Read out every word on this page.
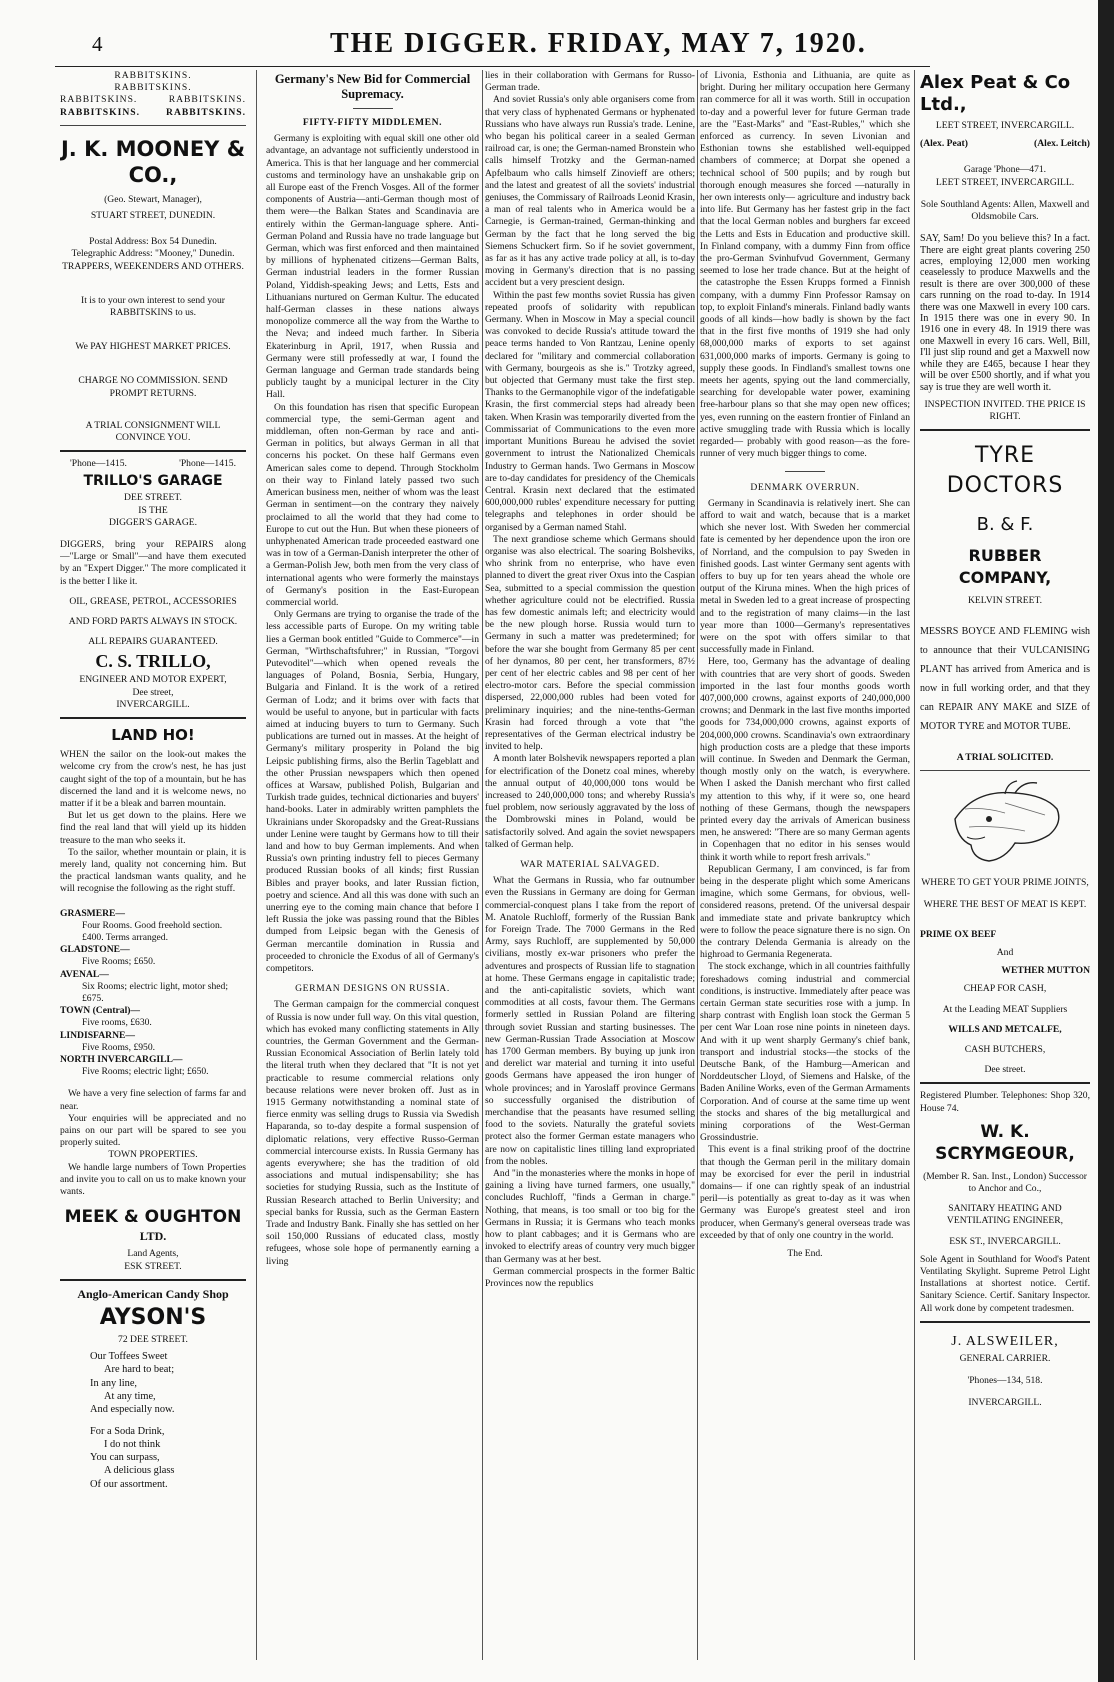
4	THE DIGGER. FRIDAY, MAY 7, 1920.

RABBITSKINS.

RABBITSKINS.

RABBITSKINS.	RABBITSKINS.
RABBITSKINS.	RABBITSKINS.

J. K. MOONEY & CO.,

(Geo. Stewart, Manager),

STUART STREET, DUNEDIN.

Postal Address: Box 54 Dunedin.

Telegraphic Address: "Mooney," Dunedin.

TRAPPERS, WEEKENDERS AND OTHERS.

It is to your own interest to send your RABBITSKINS to us.

We PAY HIGHEST MARKET PRICES.

CHARGE NO COMMISSION. SEND PROMPT RETURNS.

A TRIAL CONSIGNMENT WILL CONVINCE YOU.

'Phone—1415.	'Phone—1415.

TRILLO'S GARAGE

DEE STREET.

IS THE

DIGGER'S GARAGE.

DIGGERS, bring your REPAIRS along —"Large or Small"—and have them executed by an "Expert Digger." The more complicated it is the better I like it.

OIL, GREASE, PETROL, ACCESSORIES

AND FORD PARTS ALWAYS IN STOCK.

ALL REPAIRS GUARANTEED.

C. S. TRILLO,

ENGINEER AND MOTOR EXPERT,

Dee street,

INVERCARGILL.

LAND HO!

WHEN the sailor on the look-out makes the welcome cry from the crow's nest, he has just caught sight of the top of a mountain, but he has discerned the land and it is welcome news, no matter if it be a bleak and barren mountain.

But let us get down to the plains. Here we find the real land that will yield up its hidden treasure to the man who seeks it.

To the sailor, whether mountain or plain, it is merely land, quality not concerning him. But the practical landsman wants quality, and he will recognise the following as the right stuff.

GRASMERE—

Four Rooms. Good freehold section. £400. Terms arranged.

GLADSTONE—

Five Rooms; £650.

AVENAL—

Six Rooms; electric light, motor shed; £675.

TOWN (Central)—

Five rooms, £630.

LINDISFARNE—

Five Rooms, £950.

NORTH INVERCARGILL—

Five Rooms; electric light; £650.

We have a very fine selection of farms far and near.

Your enquiries will be appreciated and no pains on our part will be spared to see you properly suited.

TOWN PROPERTIES.

We handle large numbers of Town Properties and invite you to call on us to make known your wants.

MEEK & OUGHTON

LTD.

Land Agents,

ESK STREET.

Anglo-American Candy Shop

AYSON'S

72 DEE STREET.

Our Toffees Sweet
Are hard to beat;
In any line,
At any time,
And especially now.
For a Soda Drink,
I do not think
You can surpass,
A delicious glass
Of our assortment.

Germany's New Bid for Commercial Supremacy.

FIFTY-FIFTY MIDDLEMEN.

Germany is exploiting with equal skill one other old advantage, an advantage not sufficiently understood in America. This is that her language and her commercial customs and terminology have an unshakable grip on all Europe east of the French Vosges. All of the former components of Austria—anti-German though most of them were—the Balkan States and Scandinavia are entirely within the German-language sphere. Anti-German Poland and Russia have no trade language but German, which was first enforced and then maintained by millions of hyphenated citizens—German Balts, German industrial leaders in the former Russian Poland, Yiddish-speaking Jews; and Letts, Ests and Lithuanians nurtured on German Kultur. The educated half-German classes in these nations always monopolize commerce all the way from the Warthe to the Neva; and indeed much farther. In Siberia Ekaterinburg in April, 1917, when Russia and Germany were still professedly at war, I found the German language and German trade standards being publicly taught by a municipal lecturer in the City Hall.

On this foundation has risen that specific European commercial type, the semi-German agent and middleman, often non-German by race and anti-German in politics, but always German in all that concerns his pocket. On these half Germans even American sales come to depend. Through Stockholm on their way to Finland lately passed two such American business men, neither of whom was the least German in sentiment—on the contrary they naively proclaimed to all the world that they had come to Europe to cut out the Hun. But when these pioneers of unhyphenated American trade proceeded eastward one was in tow of a German-Danish interpreter the other of a German-Polish Jew, both men from the very class of international agents who were formerly the mainstays of Germany's position in the East-European commercial world.

Only Germans are trying to organise the trade of the less accessible parts of Europe. On my writing table lies a German book entitled "Guide to Commerce"—in German, "Wirthschaftsfuhrer;" in Russian, "Torgovi Putevoditel"—which when opened reveals the languages of Poland, Bosnia, Serbia, Hungary, Bulgaria and Finland. It is the work of a retired German of Lodz; and it brims over with facts that would be useful to anyone, but in particular with facts aimed at inducing buyers to turn to Germany. Such publications are turned out in masses. At the height of Germany's military prosperity in Poland the big Leipsic publishing firms, also the Berlin Tageblatt and the other Prussian newspapers which then opened offices at Warsaw, published Polish, Bulgarian and Turkish trade guides, technical dictionaries and buyers' hand-books. Later in admirably written pamphlets the Ukrainians under Skoropadsky and the Great-Russians under Lenine were taught by Germans how to till their land and how to buy German implements. And when Russia's own printing industry fell to pieces Germany produced Russian books of all kinds; first Russian Bibles and prayer books, and later Russian fiction, poetry and science. And all this was done with such an unerring eye to the coming main chance that before I left Russia the joke was passing round that the Bibles dumped from Leipsic began with the Genesis of German mercantile domination in Russia and proceeded to chronicle the Exodus of all of Germany's competitors.

GERMAN DESIGNS ON RUSSIA.

The German campaign for the commercial conquest of Russia is now under full way. On this vital question, which has evoked many conflicting statements in Ally countries, the German Government and the German-Russian Economical Association of Berlin lately told the literal truth when they declared that "It is not yet practicable to resume commercial relations only because relations were never broken off. Just as in 1915 Germany notwithstanding a nominal state of fierce enmity was selling drugs to Russia via Swedish Haparanda, so to-day despite a formal suspension of diplomatic relations, very effective Russo-German commercial intercourse exists. In Russia Germany has agents everywhere; she has the tradition of old associations and mutual indispensability; she has societies for studying Russia, such as the Institute of Russian Research attached to Berlin University; and special banks for Russia, such as the German Eastern Trade and Industry Bank. Finally she has settled on her soil 150,000 Russians of educated class, mostly refugees, whose sole hope of permanently earning a living

lies in their collaboration with Germans for Russo-German trade.

And soviet Russia's only able organisers come from that very class of hyphenated Germans or hyphenated Russians who have always run Russia's trade. Lenine, who began his political career in a sealed German railroad car, is one; the German-named Bronstein who calls himself Trotzky and the German-named Apfelbaum who calls himself Zinovieff are others; and the latest and greatest of all the soviets' industrial geniuses, the Commissary of Railroads Leonid Krasin, a man of real talents who in America would be a Carnegie, is German-trained, German-thinking and German by the fact that he long served the big Siemens Schuckert firm. So if he soviet government, as far as it has any active trade policy at all, is to-day moving in Germany's direction that is no passing accident but a very prescient design.

Within the past few months soviet Russia has given repeated proofs of solidarity with republican Germany. When in Moscow in May a special council was convoked to decide Russia's attitude toward the peace terms handed to Von Rantzau, Lenine openly declared for "military and commercial collaboration with Germany, bourgeois as she is." Trotzky agreed, but objected that Germany must take the first step. Thanks to the Germanophile vigor of the indefatigable Krasin, the first commercial steps had already been taken. When Krasin was temporarily diverted from the Commissariat of Communications to the even more important Munitions Bureau he advised the soviet government to intrust the Nationalized Chemicals Industry to German hands. Two Germans in Moscow are to-day candidates for presidency of the Chemicals Central. Krasin next declared that the estimated 600,000,000 rubles' expenditure necessary for putting telegraphs and telephones in order should be organised by a German named Stahl.

The next grandiose scheme which Germans should organise was also electrical. The soaring Bolsheviks, who shrink from no enterprise, who have even planned to divert the great river Oxus into the Caspian Sea, submitted to a special commission the question whether agriculture could not be electrified. Russia has few domestic animals left; and electricity would be the new plough horse. Russia would turn to Germany in such a matter was predetermined; for before the war she bought from Germany 85 per cent of her dynamos, 80 per cent, her transformers, 87½ per cent of her electric cables and 98 per cent of her electro-motor cars. Before the special commission dispersed, 22,000,000 rubles had been voted for preliminary inquiries; and the nine-tenths-German Krasin had forced through a vote that "the representatives of the German electrical industry be invited to help.

A month later Bolshevik newspapers reported a plan for electrification of the Donetz coal mines, whereby the annual output of 40,000,000 tons would be increased to 240,000,000 tons; and whereby Russia's fuel problem, now seriously aggravated by the loss of the Dombrowski mines in Poland, would be satisfactorily solved. And again the soviet newspapers talked of German help.

WAR MATERIAL SALVAGED.

What the Germans in Russia, who far outnumber even the Russians in Germany are doing for German commercial-conquest plans I take from the report of M. Anatole Ruchloff, formerly of the Russian Bank for Foreign Trade. The 7000 Germans in the Red Army, says Ruchloff, are supplemented by 50,000 civilians, mostly ex-war prisoners who prefer the adventures and prospects of Russian life to stagnation at home. These Germans engage in capitalistic trade; and the anti-capitalistic soviets, which want commodities at all costs, favour them. The Germans formerly settled in Russian Poland are filtering through soviet Russian and starting businesses. The new German-Russian Trade Association at Moscow has 1700 German members. By buying up junk iron and derelict war material and turning it into useful goods Germans have appeased the iron hunger of whole provinces; and in Yaroslaff province Germans so successfully organised the distribution of merchandise that the peasants have resumed selling food to the soviets. Naturally the grateful soviets protect also the former German estate managers who are now on capitalistic lines tilling land expropriated from the nobles.

And "in the monasteries where the monks in hope of gaining a living have turned farmers, one usually," concludes Ruchloff, "finds a German in charge." Nothing, that means, is too small or too big for the Germans in Russia; it is Germans who teach monks how to plant cabbages; and it is Germans who are invoked to electrify areas of country very much bigger than Germany was at her best.

German commercial prospects in the former Baltic Provinces now the republics

of Livonia, Esthonia and Lithuania, are quite as bright. During her military occupation here Germany ran commerce for all it was worth. Still in occupation to-day and a powerful lever for future German trade are the "East-Marks" and "East-Rubles," which she enforced as currency. In seven Livonian and Esthonian towns she established well-equipped chambers of commerce; at Dorpat she opened a technical school of 500 pupils; and by rough but thorough enough measures she forced —naturally in her own interests only— agriculture and industry back into life. But Germany has her fastest grip in the fact that the local German nobles and burghers far exceed the Letts and Ests in Education and productive skill. In Finland company, with a dummy Finn from office the pro-German Svinhufvud Government, Germany seemed to lose her trade chance. But at the height of the catastrophe the Essen Krupps formed a Finnish company, with a dummy Finn Professor Ramsay on top, to exploit Finland's minerals. Finland badly wants goods of all kinds—how badly is shown by the fact that in the first five months of 1919 she had only 68,000,000 marks of exports to set against 631,000,000 marks of imports. Germany is going to supply these goods. In Findland's smallest towns one meets her agents, spying out the land commercially, searching for developable water power, examining free-harbour plans so that she may open new offices; yes, even running on the eastern frontier of Finland an active smuggling trade with Russia which is locally regarded— probably with good reason—as the fore-runner of very much bigger things to come.

DENMARK OVERRUN.

Germany in Scandinavia is relatively inert. She can afford to wait and watch, because that is a market which she never lost. With Sweden her commercial fate is cemented by her dependence upon the iron ore of Norrland, and the compulsion to pay Sweden in finished goods. Last winter Germany sent agents with offers to buy up for ten years ahead the whole ore output of the Kiruna mines. When the high prices of metal in Sweden led to a great increase of prospecting and to the registration of many claims—in the last year more than 1000—Germany's representatives were on the spot with offers similar to that successfully made in Finland.

Here, too, Germany has the advantage of dealing with countries that are very short of goods. Sweden imported in the last four months goods worth 407,000,000 crowns, against exports of 240,000,000 crowns; and Denmark in the last five months imported goods for 734,000,000 crowns, against exports of 204,000,000 crowns. Scandinavia's own extraordinary high production costs are a pledge that these imports will continue. In Sweden and Denmark the German, though mostly only on the watch, is everywhere. When I asked the Danish merchant who first called my attention to this why, if it were so, one heard nothing of these Germans, though the newspapers printed every day the arrivals of American business men, he answered: "There are so many German agents in Copenhagen that no editor in his senses would think it worth while to report fresh arrivals."

Republican Germany, I am convinced, is far from being in the desperate plight which some Americans imagine, which some Germans, for obvious, well-considered reasons, pretend. Of the universal despair and immediate state and private bankruptcy which were to follow the peace signature there is no sign. On the contrary Delenda Germania is already on the highroad to Germania Regenerata.

The stock exchange, which in all countries faithfully foreshadows coming industrial and commercial conditions, is instructive. Immediately after peace was certain German state securities rose with a jump. In sharp contrast with English loan stock the German 5 per cent War Loan rose nine points in nineteen days. And with it up went sharply Germany's chief bank, transport and industrial stocks—the stocks of the Deutsche Bank, of the Hamburg—American and Norddeutscher Lloyd, of Siemens and Halske, of the Baden Aniline Works, even of the German Armaments Corporation. And of course at the same time up went the stocks and shares of the big metallurgical and mining corporations of the West-German Grossindustrie.

This event is a final striking proof of the doctrine that though the German peril in the military domain may be exorcised for ever the peril in industrial domains— if one can rightly speak of an industrial peril—is potentially as great to-day as it was when Germany was Europe's greatest steel and iron producer, when Germany's general overseas trade was exceeded by that of only one country in the world.

The End.

Alex Peat & Co Ltd.,

LEET STREET, INVERCARGILL.

(Alex. Peat)	(Alex. Leitch)

Garage 'Phone—471.

LEET STREET, INVERCARGILL.

Sole Southland Agents: Allen, Maxwell and Oldsmobile Cars.

SAY, Sam! Do you believe this? In a fact. There are eight great plants covering 250 acres, employing 12,000 men working ceaselessly to produce Maxwells and the result is there are over 300,000 of these cars running on the road to-day. In 1914 there was one Maxwell in every 100 cars. In 1915 there was one in every 90. In 1916 one in every 48. In 1919 there was one Maxwell in every 16 cars. Well, Bill, I'll just slip round and get a Maxwell now while they are £465, because I hear they will be over £500 shortly, and if what you say is true they are well worth it.

INSPECTION INVITED. THE PRICE IS RIGHT.

TYRE DOCTORS

B. & F.

RUBBER COMPANY,

KELVIN STREET.

MESSRS BOYCE AND FLEMING wish to announce that their VULCANISING PLANT has arrived from America and is now in full working order, and that they can REPAIR ANY MAKE and SIZE of MOTOR TYRE and MOTOR TUBE.

A TRIAL SOLICITED.

WHERE TO GET YOUR PRIME JOINTS,

WHERE THE BEST OF MEAT IS KEPT.

PRIME OX BEEF

And

WETHER MUTTON

CHEAP FOR CASH,

At the Leading MEAT Suppliers

WILLS AND METCALFE,

CASH BUTCHERS,

Dee street.

Registered Plumber. Telephones: Shop 320, House 74.

W. K. SCRYMGEOUR,

(Member R. San. Inst., London) Successor to Anchor and Co.,

SANITARY HEATING AND VENTILATING ENGINEER,

ESK ST., INVERCARGILL.

Sole Agent in Southland for Wood's Patent Ventilating Skylight. Supreme Petrol Light Installations at shortest notice. Certif. Sanitary Science. Certif. Sanitary Inspector. All work done by competent tradesmen.

J. ALSWEILER,

GENERAL CARRIER.

'Phones—134, 518.

INVERCARGILL.
